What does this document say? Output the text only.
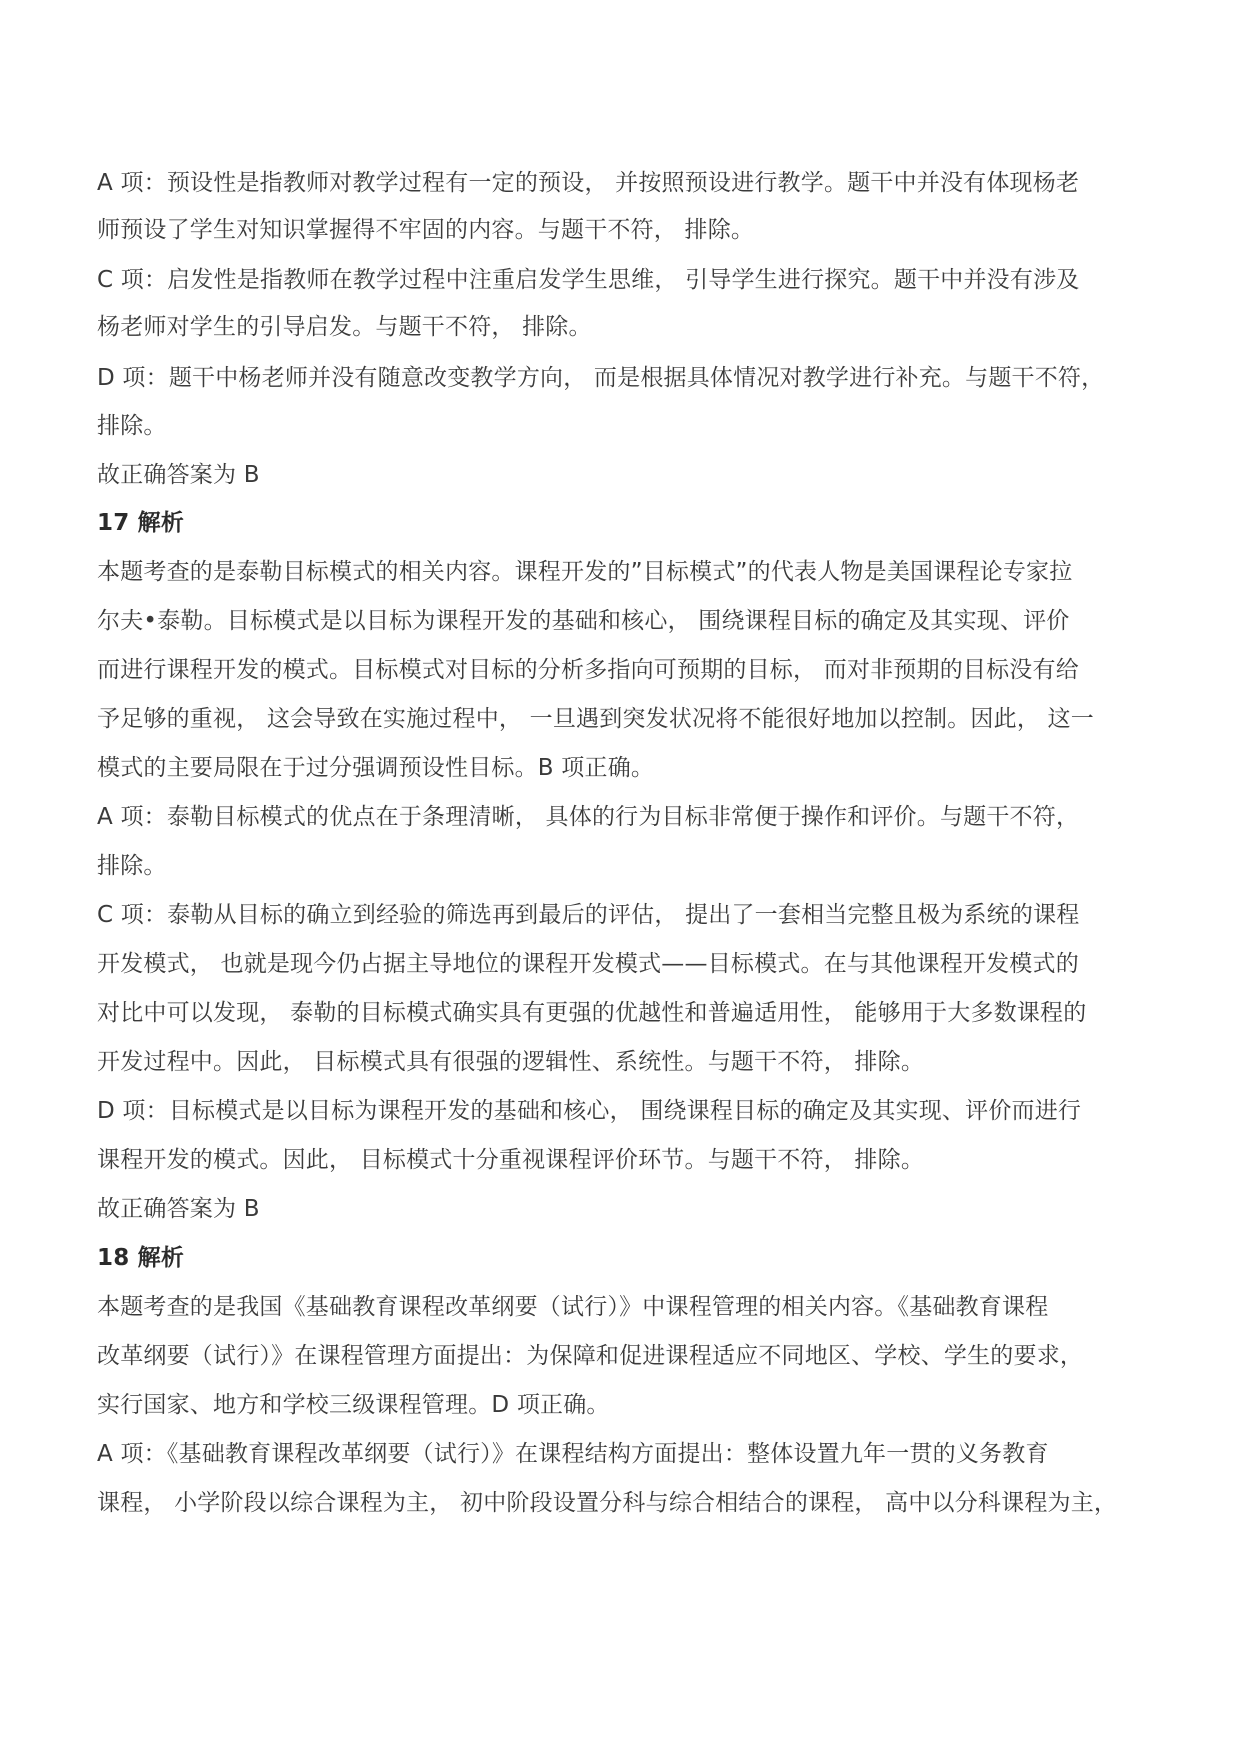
A 项：预设性是指教师对教学过程有一定的预设， 并按照预设进行教学。题干中并没有体现杨老
师预设了学生对知识掌握得不牢固的内容。与题干不符， 排除。
C 项：启发性是指教师在教学过程中注重启发学生思维， 引导学生进行探究。题干中并没有涉及
杨老师对学生的引导启发。与题干不符， 排除。
D 项：题干中杨老师并没有随意改变教学方向， 而是根据具体情况对教学进行补充。与题干不符，
排除。
故正确答案为 B
17 解析
本题考查的是泰勒目标模式的相关内容。课程开发的”目标模式”的代表人物是美国课程论专家拉
尔夫•泰勒。目标模式是以目标为课程开发的基础和核心， 围绕课程目标的确定及其实现、评价
而进行课程开发的模式。目标模式对目标的分析多指向可预期的目标， 而对非预期的目标没有给
予足够的重视， 这会导致在实施过程中， 一旦遇到突发状况将不能很好地加以控制。因此， 这一
模式的主要局限在于过分强调预设性目标。B 项正确。
A 项：泰勒目标模式的优点在于条理清晰， 具体的行为目标非常便于操作和评价。与题干不符，
排除。
C 项：泰勒从目标的确立到经验的筛选再到最后的评估， 提出了一套相当完整且极为系统的课程
开发模式， 也就是现今仍占据主导地位的课程开发模式——目标模式。在与其他课程开发模式的
对比中可以发现， 泰勒的目标模式确实具有更强的优越性和普遍适用性， 能够用于大多数课程的
开发过程中。因此， 目标模式具有很强的逻辑性、系统性。与题干不符， 排除。
D 项：目标模式是以目标为课程开发的基础和核心， 围绕课程目标的确定及其实现、评价而进行
课程开发的模式。因此， 目标模式十分重视课程评价环节。与题干不符， 排除。
故正确答案为 B
18 解析
本题考查的是我国《基础教育课程改革纲要（试行）》中课程管理的相关内容。《基础教育课程
改革纲要（试行）》在课程管理方面提出：为保障和促进课程适应不同地区、学校、学生的要求，
实行国家、地方和学校三级课程管理。D 项正确。
A 项：《基础教育课程改革纲要（试行）》在课程结构方面提出：整体设置九年一贯的义务教育
课程， 小学阶段以综合课程为主， 初中阶段设置分科与综合相结合的课程， 高中以分科课程为主，
